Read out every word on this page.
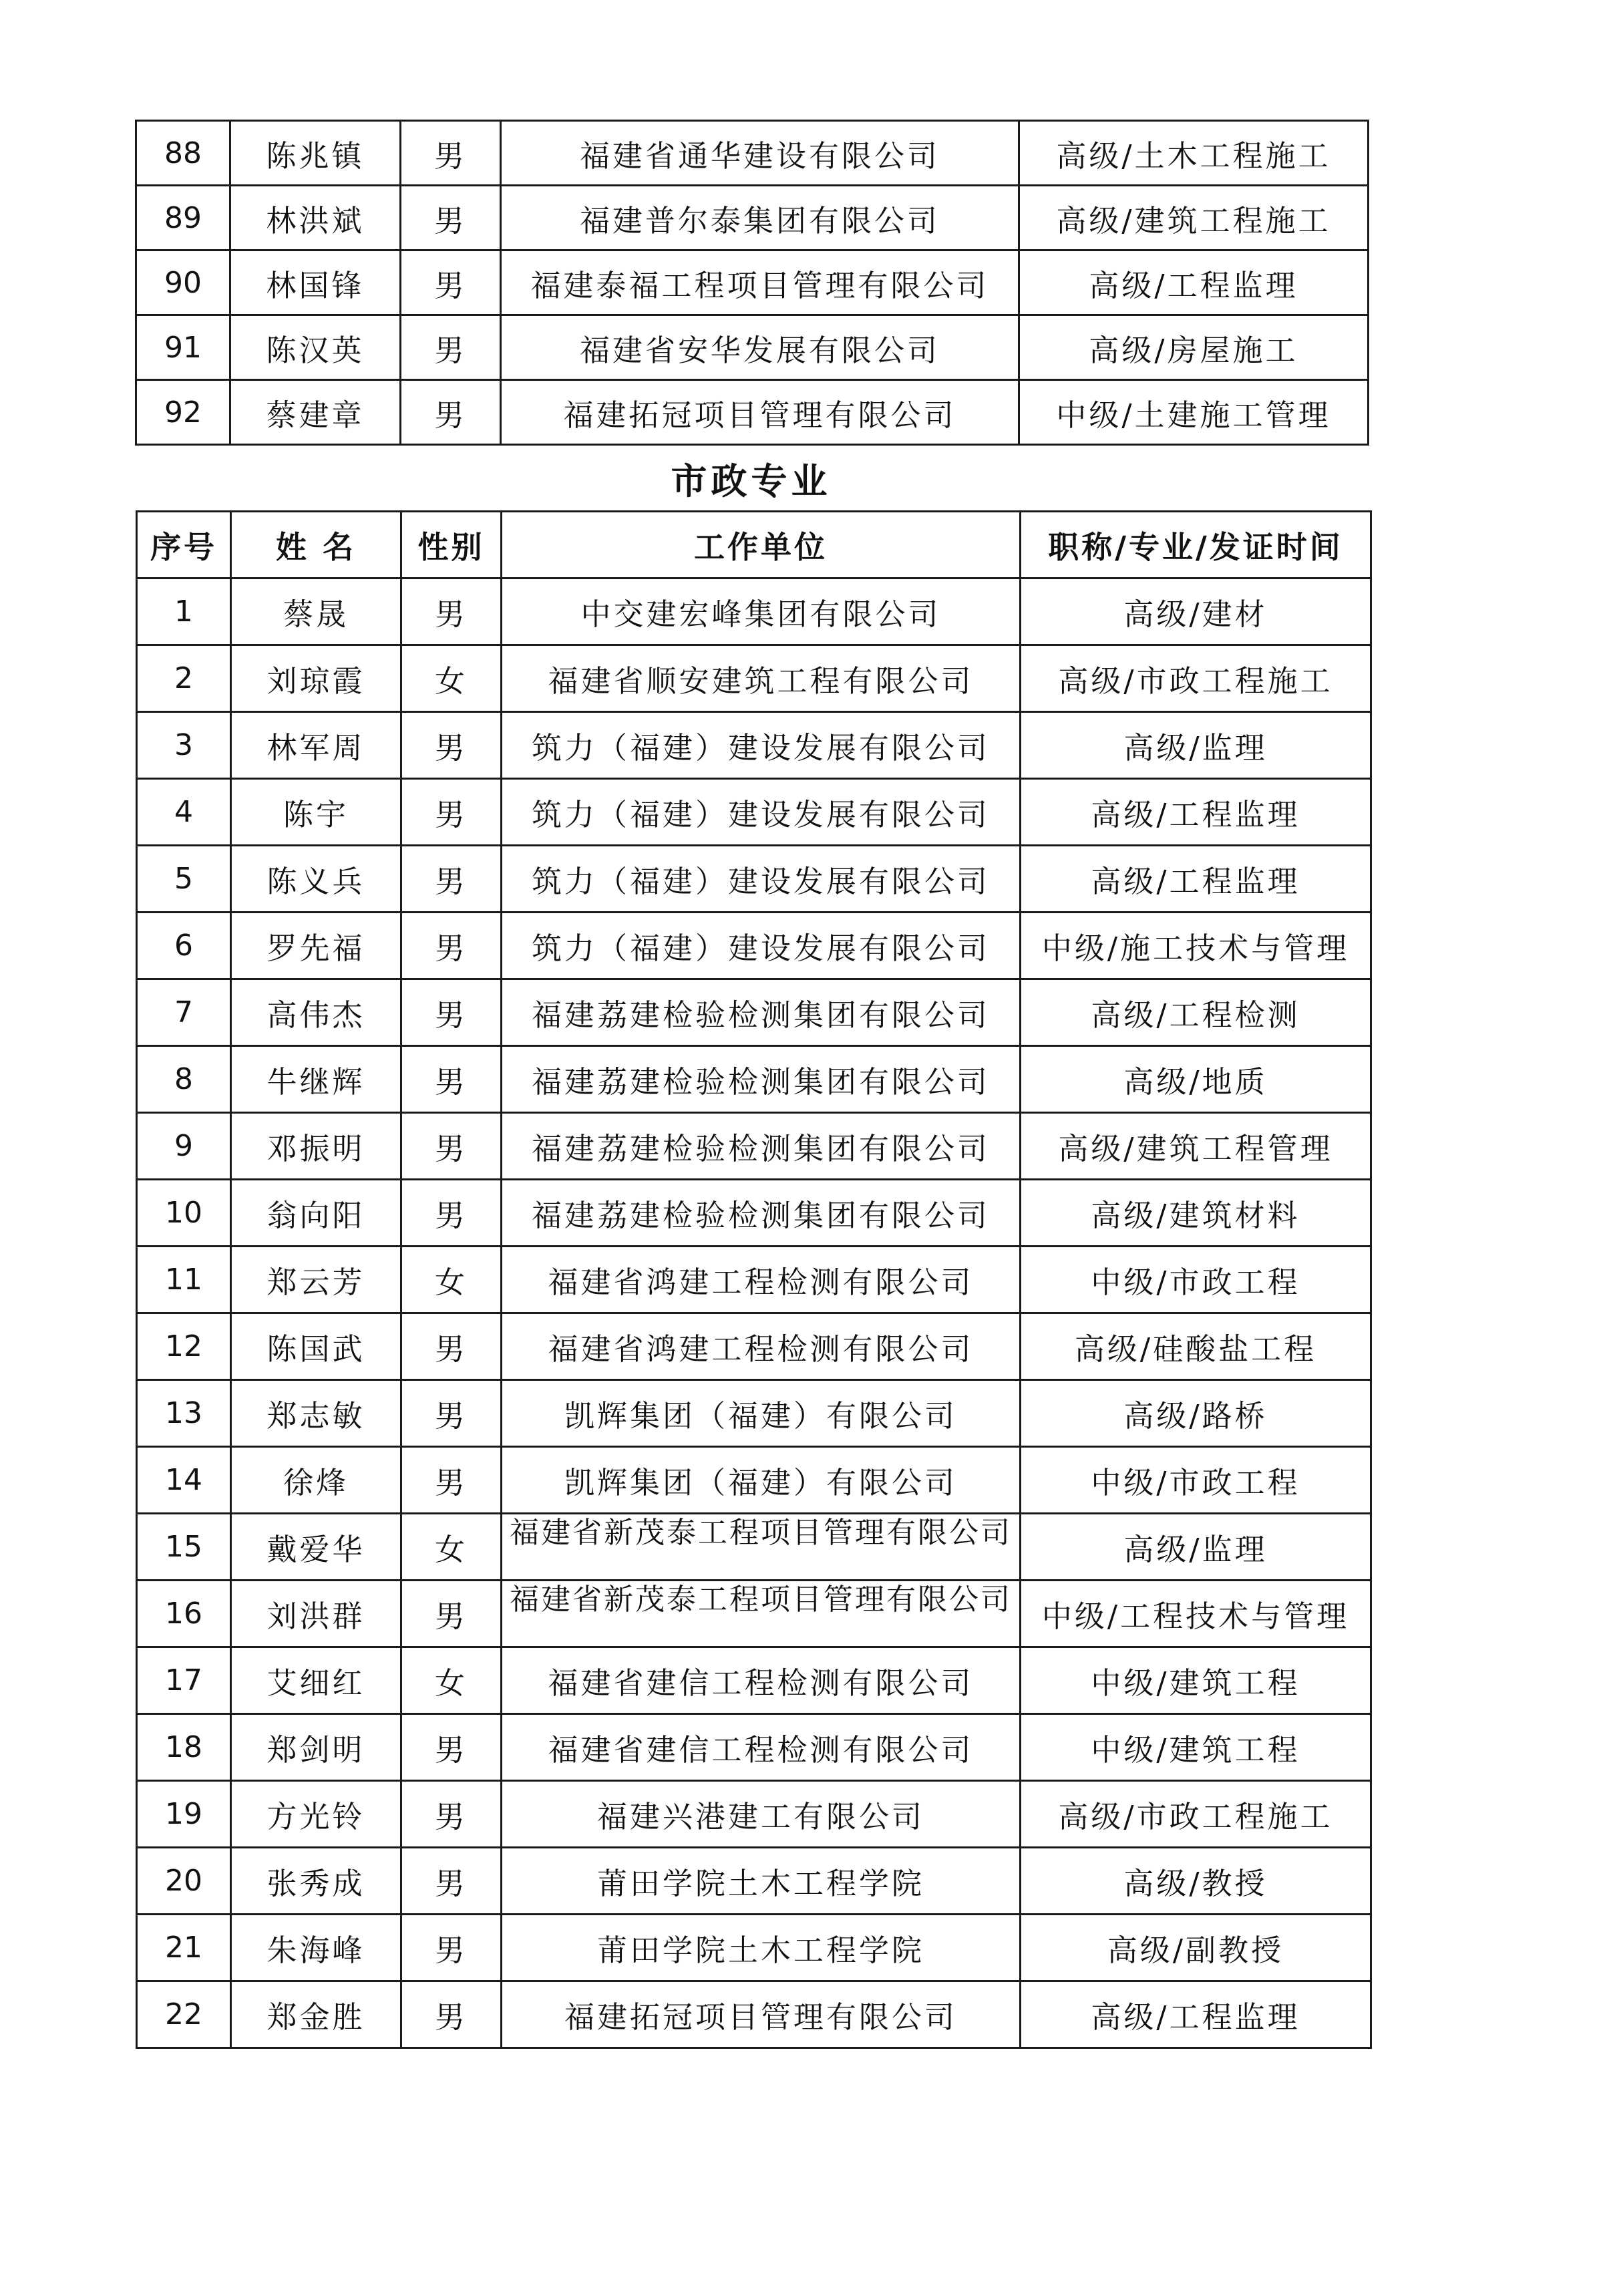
88	陈兆镇	男	福建省通华建设有限公司	高级/土木工程施工
89	林洪斌	男	福建普尔泰集团有限公司	高级/建筑工程施工
90	林国锋	男	福建泰福工程项目管理有限公司	高级/工程监理
91	陈汉英	男	福建省安华发展有限公司	高级/房屋施工
92	蔡建章	男	福建拓冠项目管理有限公司	中级/土建施工管理
市政专业
序号	姓 名	性别	工作单位	职称/专业/发证时间
1	蔡晟	男	中交建宏峰集团有限公司	高级/建材
2	刘琼霞	女	福建省顺安建筑工程有限公司	高级/市政工程施工
3	林军周	男	筑力（福建）建设发展有限公司	高级/监理
4	陈宇	男	筑力（福建）建设发展有限公司	高级/工程监理
5	陈义兵	男	筑力（福建）建设发展有限公司	高级/工程监理
6	罗先福	男	筑力（福建）建设发展有限公司	中级/施工技术与管理
7	高伟杰	男	福建荔建检验检测集团有限公司	高级/工程检测
8	牛继辉	男	福建荔建检验检测集团有限公司	高级/地质
9	邓振明	男	福建荔建检验检测集团有限公司	高级/建筑工程管理
10	翁向阳	男	福建荔建检验检测集团有限公司	高级/建筑材料
11	郑云芳	女	福建省鸿建工程检测有限公司	中级/市政工程
12	陈国武	男	福建省鸿建工程检测有限公司	高级/硅酸盐工程
13	郑志敏	男	凯辉集团（福建）有限公司	高级/路桥
14	徐烽	男	凯辉集团（福建）有限公司	中级/市政工程
15	戴爱华	女	福建省新茂泰工程项目管理有限公司	高级/监理
16	刘洪群	男	福建省新茂泰工程项目管理有限公司	中级/工程技术与管理
17	艾细红	女	福建省建信工程检测有限公司	中级/建筑工程
18	郑剑明	男	福建省建信工程检测有限公司	中级/建筑工程
19	方光铃	男	福建兴港建工有限公司	高级/市政工程施工
20	张秀成	男	莆田学院土木工程学院	高级/教授
21	朱海峰	男	莆田学院土木工程学院	高级/副教授
22	郑金胜	男	福建拓冠项目管理有限公司	高级/工程监理
